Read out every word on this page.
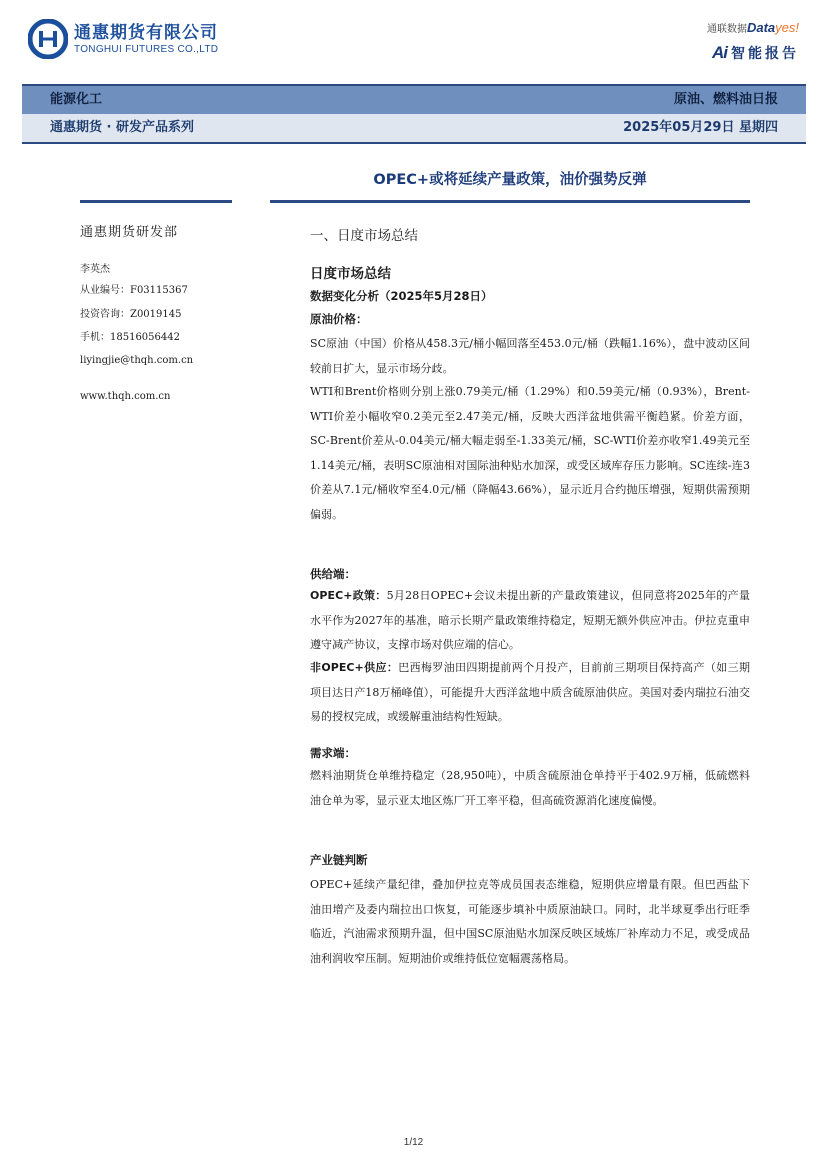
通惠期货有限公司
TONGHUI FUTURES CO.,LTD
通联数据Datayes!
Ai 智能报告
能源化工	原油、燃料油日报
通惠期货 · 研发产品系列	2025年05月29日 星期四
OPEC+或将延续产量政策，油价强势反弹
通惠期货研发部
李英杰
从业编号：F03115367
投资咨询：Z0019145
手机：18516056442
liyingjie@thqh.com.cn
www.thqh.com.cn
一、日度市场总结
日度市场总结
数据变化分析（2025年5月28日）
原油价格：
SC原油（中国）价格从458.3元/桶小幅回落至453.0元/桶（跌幅1.16%），盘中波动区间较前日扩大，显示市场分歧。
WTI和Brent价格则分别上涨0.79美元/桶（1.29%）和0.59美元/桶（0.93%），Brent-WTI价差小幅收窄0.2美元至2.47美元/桶，反映大西洋盆地供需平衡趋紧。价差方面，SC-Brent价差从-0.04美元/桶大幅走弱至-1.33美元/桶，SC-WTI价差亦收窄1.49美元至1.14美元/桶，表明SC原油相对国际油种贴水加深，或受区域库存压力影响。SC连续-连3价差从7.1元/桶收窄至4.0元/桶（降幅43.66%），显示近月合约抛压增强，短期供需预期偏弱。
供给端：
OPEC+政策：5月28日OPEC+会议未提出新的产量政策建议，但同意将2025年的产量水平作为2027年的基准，暗示长期产量政策维持稳定，短期无额外供应冲击。伊拉克重申遵守减产协议，支撑市场对供应端的信心。
非OPEC+供应：巴西梅罗油田四期提前两个月投产，目前前三期项目保持高产（如三期项目达日产18万桶峰值），可能提升大西洋盆地中质含硫原油供应。美国对委内瑞拉石油交易的授权完成，或缓解重油结构性短缺。
需求端：
燃料油期货仓单维持稳定（28,950吨），中质含硫原油仓单持平于402.9万桶，低硫燃料油仓单为零，显示亚太地区炼厂开工率平稳，但高硫资源消化速度偏慢。
产业链判断
OPEC+延续产量纪律，叠加伊拉克等成员国表态维稳，短期供应增量有限。但巴西盐下油田增产及委内瑞拉出口恢复，可能逐步填补中质原油缺口。同时，北半球夏季出行旺季临近，汽油需求预期升温，但中国SC原油贴水加深反映区域炼厂补库动力不足，或受成品油利润收窄压制。短期油价或维持低位宽幅震荡格局。
1/12
